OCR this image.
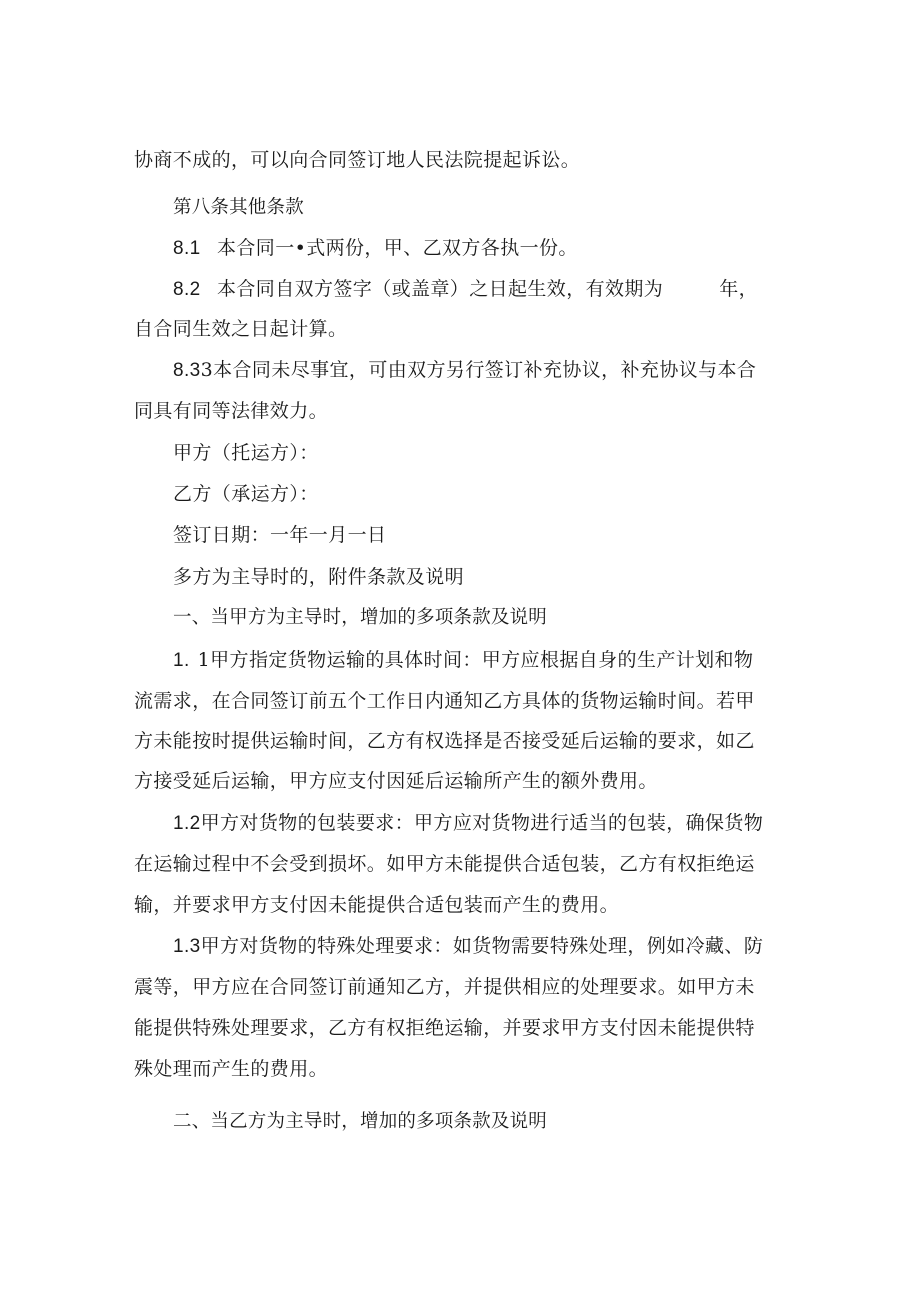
协商不成的，可以向合同签订地人民法院提起诉讼。
第八条其他条款
8.1 本合同一•式两份，甲、乙双方各执一份。
8.2 本合同自双方签字（或盖章）之日起生效，有效期为	年，
自合同生效之日起计算。
8.33本合同未尽事宜，可由双方另行签订补充协议，补充协议与本合
同具有同等法律效力。
甲方（托运方）：
乙方（承运方）：
签订日期：一年一月一日
多方为主导时的，附件条款及说明
一、当甲方为主导时，增加的多项条款及说明
1. 1甲方指定货物运输的具体时间：甲方应根据自身的生产计划和物
流需求，在合同签订前五个工作日内通知乙方具体的货物运输时间。若甲
方未能按时提供运输时间，乙方有权选择是否接受延后运输的要求，如乙
方接受延后运输，甲方应支付因延后运输所产生的额外费用。
1.2甲方对货物的包装要求：甲方应对货物进行适当的包装，确保货物
在运输过程中不会受到损坏。如甲方未能提供合适包装，乙方有权拒绝运
输，并要求甲方支付因未能提供合适包装而产生的费用。
1.3甲方对货物的特殊处理要求：如货物需要特殊处理，例如冷藏、防
震等，甲方应在合同签订前通知乙方，并提供相应的处理要求。如甲方未
能提供特殊处理要求，乙方有权拒绝运输，并要求甲方支付因未能提供特
殊处理而产生的费用。
二、当乙方为主导时，增加的多项条款及说明
